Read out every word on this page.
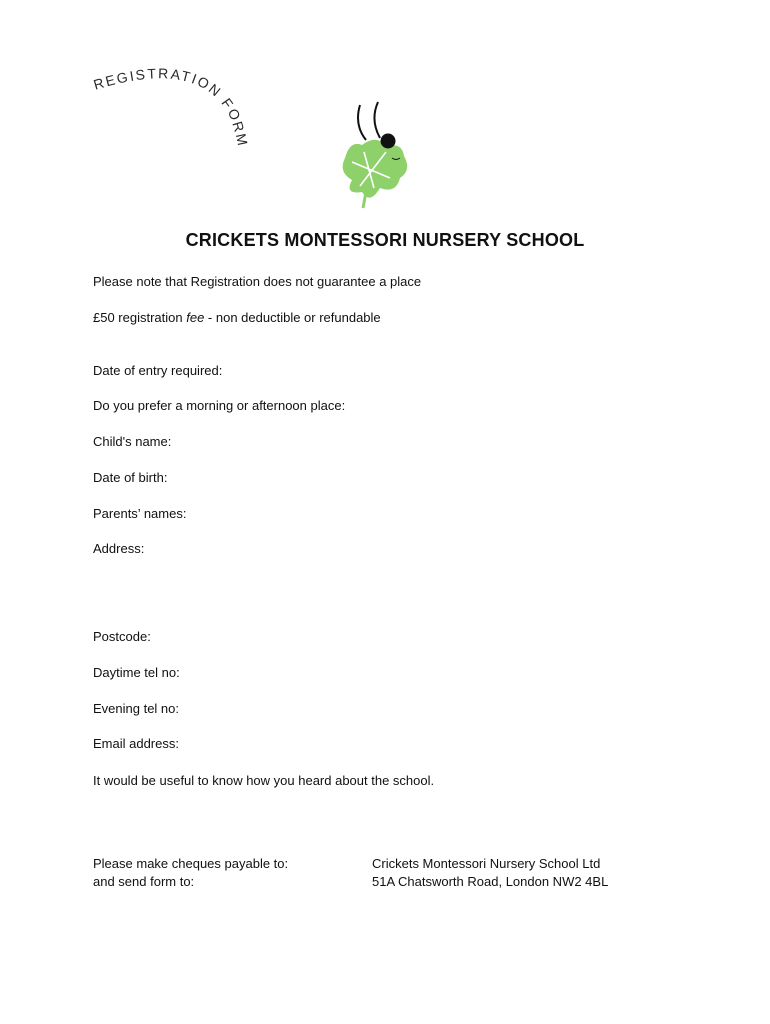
REGISTRATION FORM
CRICKETS MONTESSORI NURSERY SCHOOL
Please note that Registration does not guarantee a place
£50 registration fee - non deductible or refundable
Date of entry required:
Do you prefer a morning or afternoon place:
Child's name:
Date of birth:
Parents’ names:
Address:
Postcode:
Daytime tel no:
Evening tel no:
Email address:
It would be useful to know how you heard about the school.
Please make cheques payable to:
and send form to:
Crickets Montessori Nursery School Ltd
51A Chatsworth Road, London NW2 4BL
